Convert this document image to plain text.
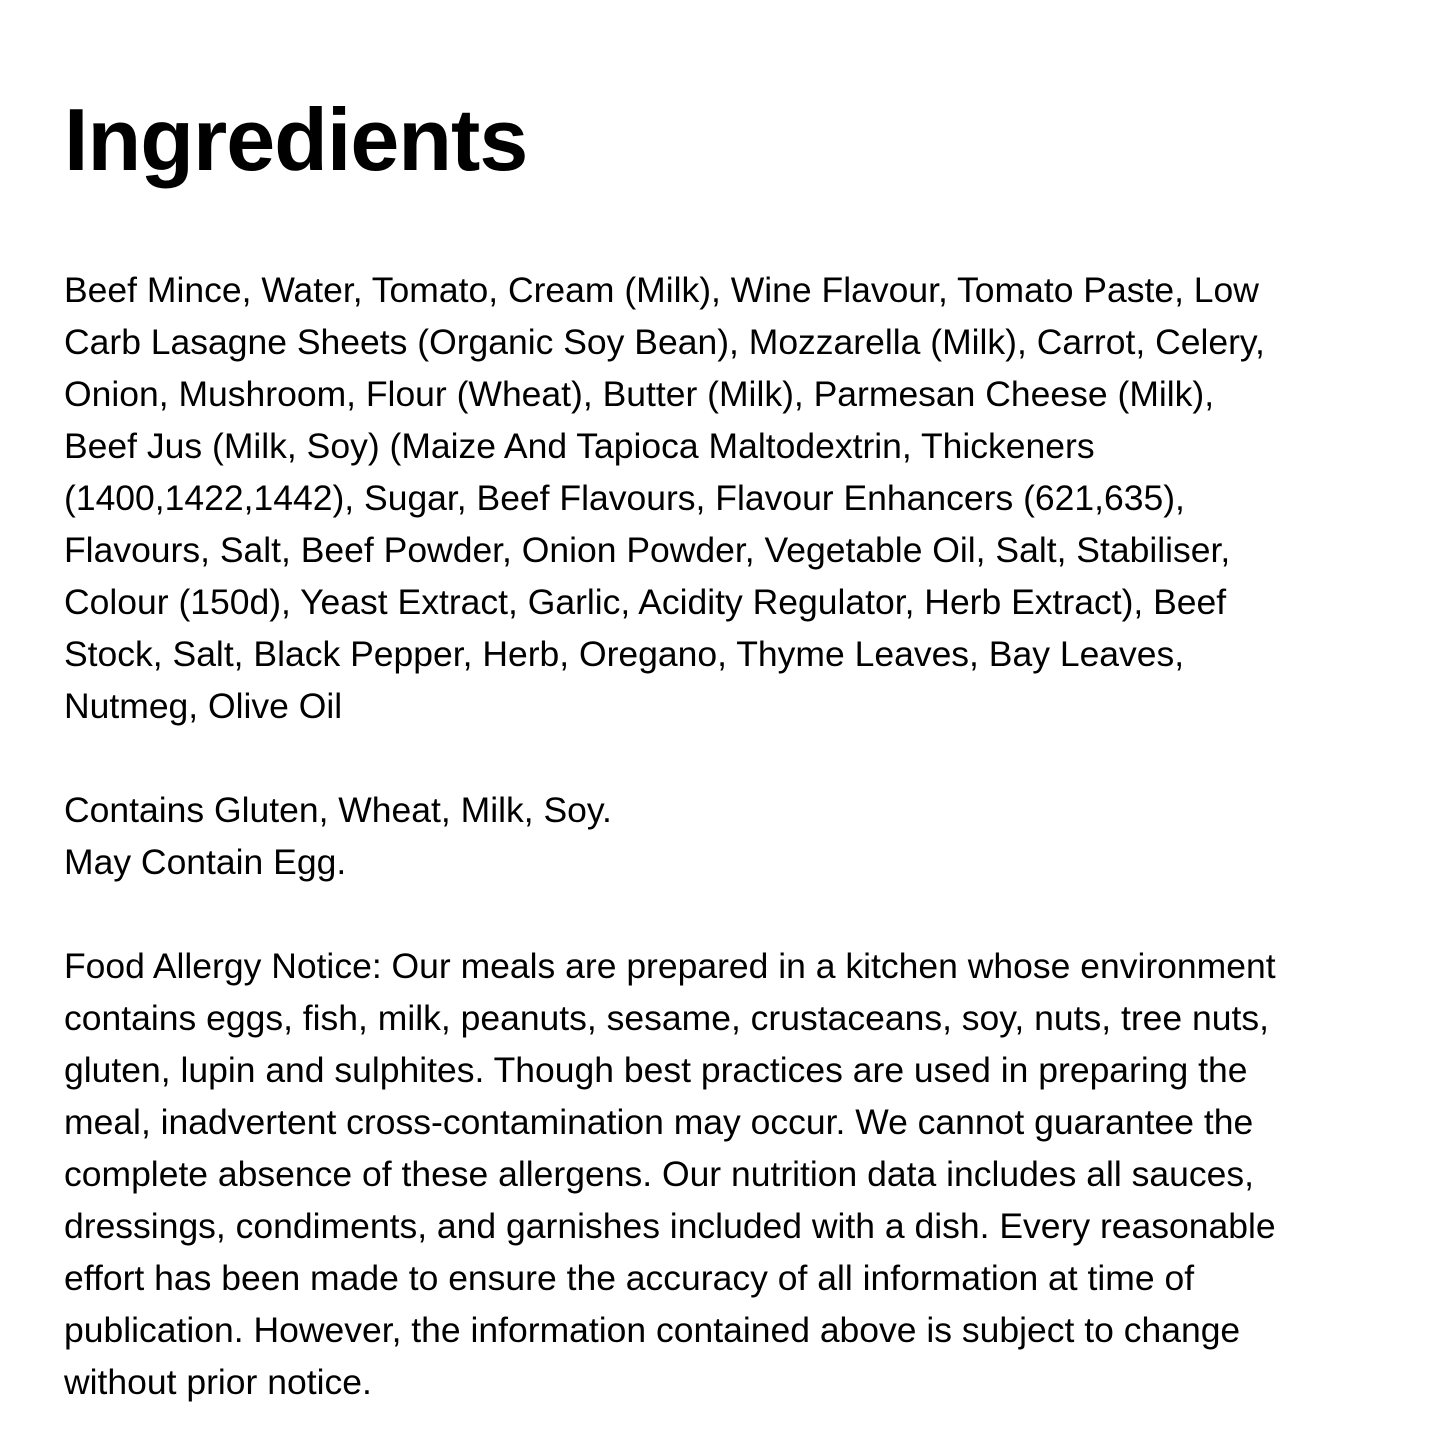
Ingredients

Beef Mince, Water, Tomato, Cream (Milk), Wine Flavour, Tomato Paste, Low
Carb Lasagne Sheets (Organic Soy Bean), Mozzarella (Milk), Carrot, Celery,
Onion, Mushroom, Flour (Wheat), Butter (Milk), Parmesan Cheese (Milk),
Beef Jus (Milk, Soy) (Maize And Tapioca Maltodextrin, Thickeners
(1400,1422,1442), Sugar, Beef Flavours, Flavour Enhancers (621,635),
Flavours, Salt, Beef Powder, Onion Powder, Vegetable Oil, Salt, Stabiliser,
Colour (150d), Yeast Extract, Garlic, Acidity Regulator, Herb Extract), Beef
Stock, Salt, Black Pepper, Herb, Oregano, Thyme Leaves, Bay Leaves,
Nutmeg, Olive Oil

Contains Gluten, Wheat, Milk, Soy.
May Contain Egg.

Food Allergy Notice: Our meals are prepared in a kitchen whose environment
contains eggs, fish, milk, peanuts, sesame, crustaceans, soy, nuts, tree nuts,
gluten, lupin and sulphites. Though best practices are used in preparing the
meal, inadvertent cross-contamination may occur. We cannot guarantee the
complete absence of these allergens. Our nutrition data includes all sauces,
dressings, condiments, and garnishes included with a dish. Every reasonable
effort has been made to ensure the accuracy of all information at time of
publication. However, the information contained above is subject to change
without prior notice.
